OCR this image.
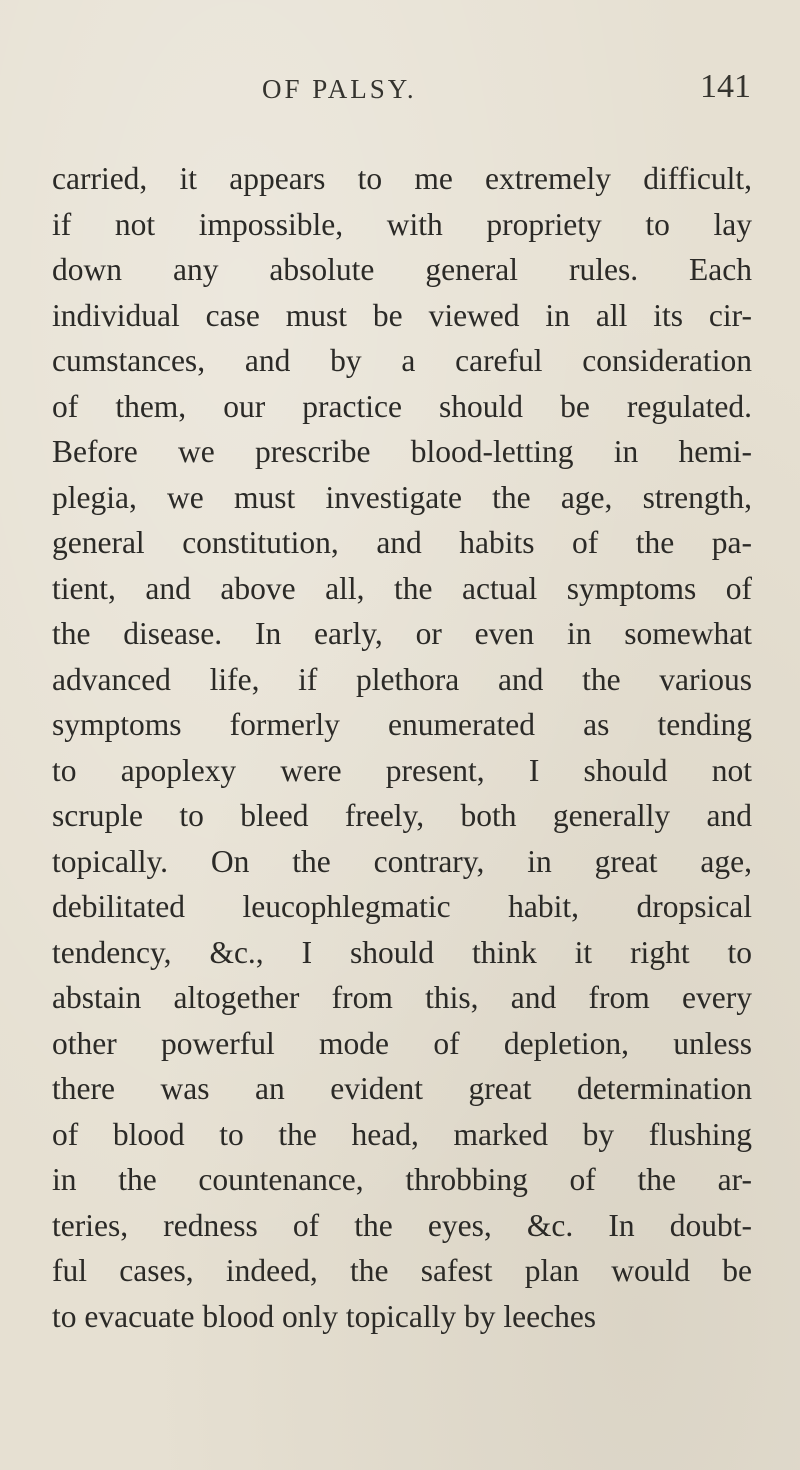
OF PALSY.	141
carried, it appears to me extremely difficult,
if not impossible, with propriety to lay
down any absolute general rules. Each
individual case must be viewed in all its cir-
cumstances, and by a careful consideration
of them, our practice should be regulated.
Before we prescribe blood-letting in hemi-
plegia, we must investigate the age, strength,
general constitution, and habits of the pa-
tient, and above all, the actual symptoms of
the disease. In early, or even in somewhat
advanced life, if plethora and the various
symptoms formerly enumerated as tending
to apoplexy were present, I should not
scruple to bleed freely, both generally and
topically. On the contrary, in great age,
debilitated leucophlegmatic habit, dropsical
tendency, &c., I should think it right to
abstain altogether from this, and from every
other powerful mode of depletion, unless
there was an evident great determination
of blood to the head, marked by flushing
in the countenance, throbbing of the ar-
teries, redness of the eyes, &c. In doubt-
ful cases, indeed, the safest plan would be
to evacuate blood only topically by leeches
